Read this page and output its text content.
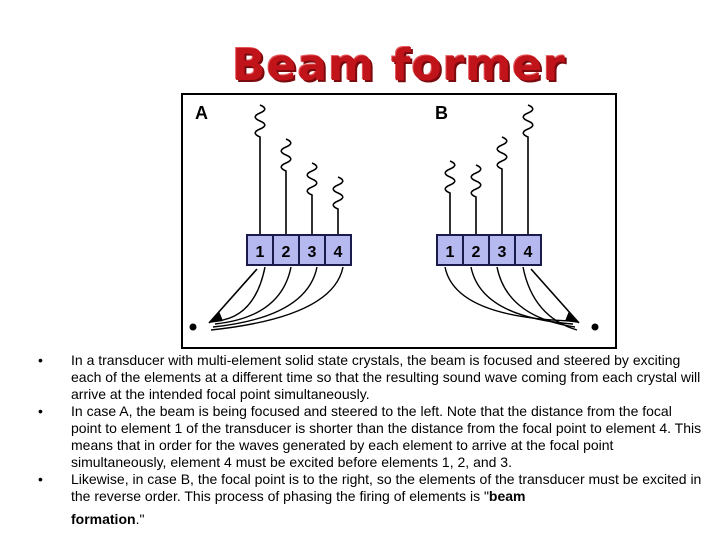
Beam former
A	B
1 2 3 4	1 2 3 4

• In a transducer with multi-element solid state crystals, the beam is focused and steered by exciting each of the elements at a different time so that the resulting sound wave coming from each crystal will arrive at the intended focal point simultaneously.

• In case A, the beam is being focused and steered to the left. Note that the distance from the focal point to element 1 of the transducer is shorter than the distance from the focal point to element 4. This means that in order for the waves generated by each element to arrive at the focal point simultaneously, element 4 must be excited before elements 1, 2, and 3.

• Likewise, in case B, the focal point is to the right, so the elements of the transducer must be excited in the reverse order. This process of phasing the firing of elements is "beam
formation."
